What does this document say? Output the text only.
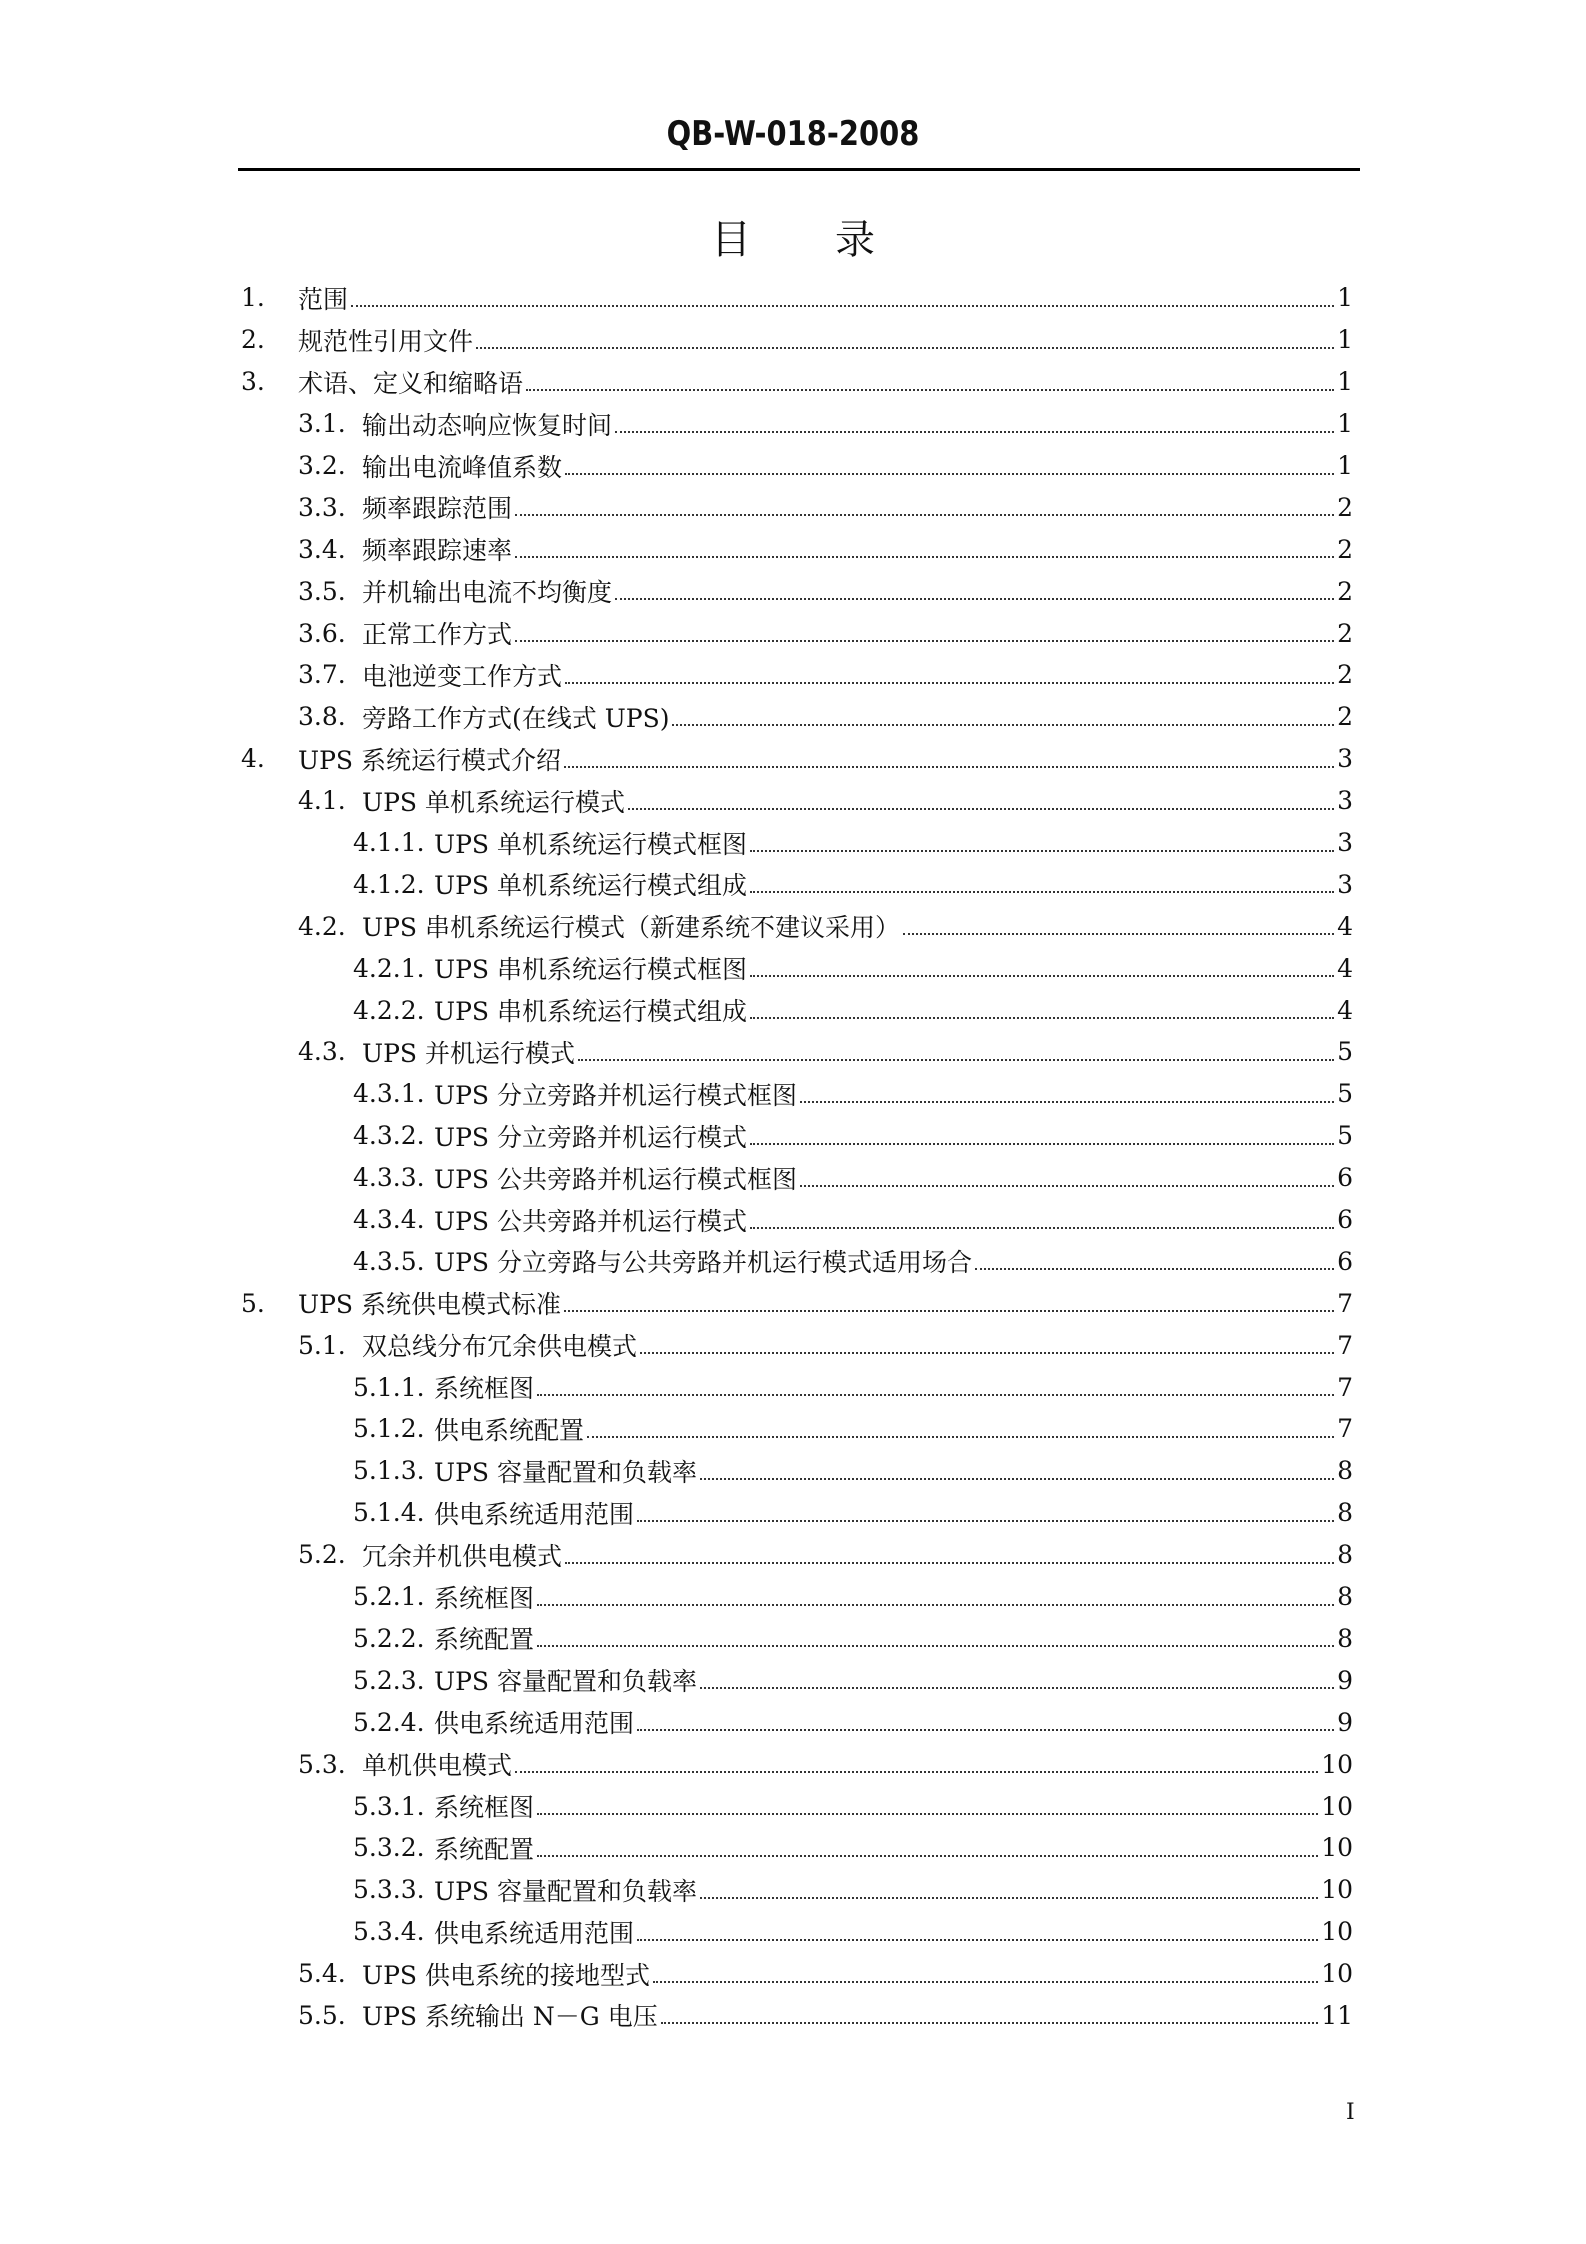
QB-W-018-2008
目 录
1.	范围	1
2.	规范性引用文件	1
3.	术语、定义和缩略语	1
3.1. 输出动态响应恢复时间	1
3.2. 输出电流峰值系数	1
3.3. 频率跟踪范围	2
3.4. 频率跟踪速率	2
3.5. 并机输出电流不均衡度	2
3.6. 正常工作方式	2
3.7. 电池逆变工作方式	2
3.8. 旁路工作方式(在线式 UPS)	2
4.	UPS 系统运行模式介绍	3
4.1. UPS 单机系统运行模式	3
4.1.1. UPS 单机系统运行模式框图	3
4.1.2. UPS 单机系统运行模式组成	3
4.2. UPS 串机系统运行模式（新建系统不建议采用）	4
4.2.1. UPS 串机系统运行模式框图	4
4.2.2. UPS 串机系统运行模式组成	4
4.3. UPS 并机运行模式	5
4.3.1. UPS 分立旁路并机运行模式框图	5
4.3.2. UPS 分立旁路并机运行模式	5
4.3.3. UPS 公共旁路并机运行模式框图	6
4.3.4. UPS 公共旁路并机运行模式	6
4.3.5. UPS 分立旁路与公共旁路并机运行模式适用场合	6
5.	UPS 系统供电模式标准	7
5.1. 双总线分布冗余供电模式	7
5.1.1. 系统框图	7
5.1.2. 供电系统配置	7
5.1.3. UPS 容量配置和负载率	8
5.1.4. 供电系统适用范围	8
5.2. 冗余并机供电模式	8
5.2.1. 系统框图	8
5.2.2. 系统配置	8
5.2.3. UPS 容量配置和负载率	9
5.2.4. 供电系统适用范围	9
5.3. 单机供电模式	10
5.3.1. 系统框图	10
5.3.2. 系统配置	10
5.3.3. UPS 容量配置和负载率	10
5.3.4. 供电系统适用范围	10
5.4. UPS 供电系统的接地型式	10
5.5. UPS 系统输出 N－G 电压	11
I
